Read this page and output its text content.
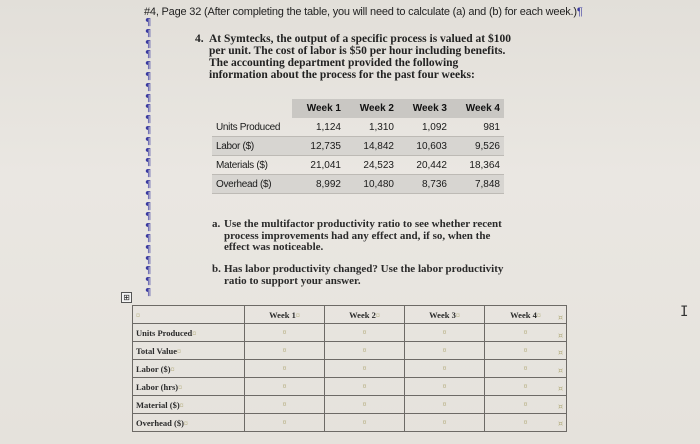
#4, Page 32 (After completing the table, you will need to calculate (a) and (b) for each week.)¶
¶
¶
¶
¶
¶
¶
¶
¶
¶
¶
¶
¶
¶
¶
¶
¶
¶
¶
¶
¶
¶
¶
¶
¶
¶
¶
4. At Symtecks, the output of a specific process is valued at $100 per unit. The cost of labor is $50 per hour including benefits. The accounting department provided the following information about the process for the past four weeks:
	Week 1	Week 2	Week 3	Week 4
Units Produced	1,124	1,310	1,092	981
Labor ($)	12,735	14,842	10,603	9,526
Materials ($)	21,041	24,523	20,442	18,364
Overhead ($)	8,992	10,480	8,736	7,848
a. Use the multifactor productivity ratio to see whether recent process improvements had any effect and, if so, when the effect was noticeable.
b. Has labor productivity changed? Use the labor productivity ratio to support your answer.
⊞
I
¤	Week 1¤	Week 2¤	Week 3¤	Week 4¤
Units Produced¤	¤	¤	¤	¤
Total Value¤	¤	¤	¤	¤
Labor ($)¤	¤	¤	¤	¤
Labor (hrs)¤	¤	¤	¤	¤
Material ($)¤	¤	¤	¤	¤
Overhead ($)¤	¤	¤	¤	¤
¤
¤
¤
¤
¤
¤
¤
